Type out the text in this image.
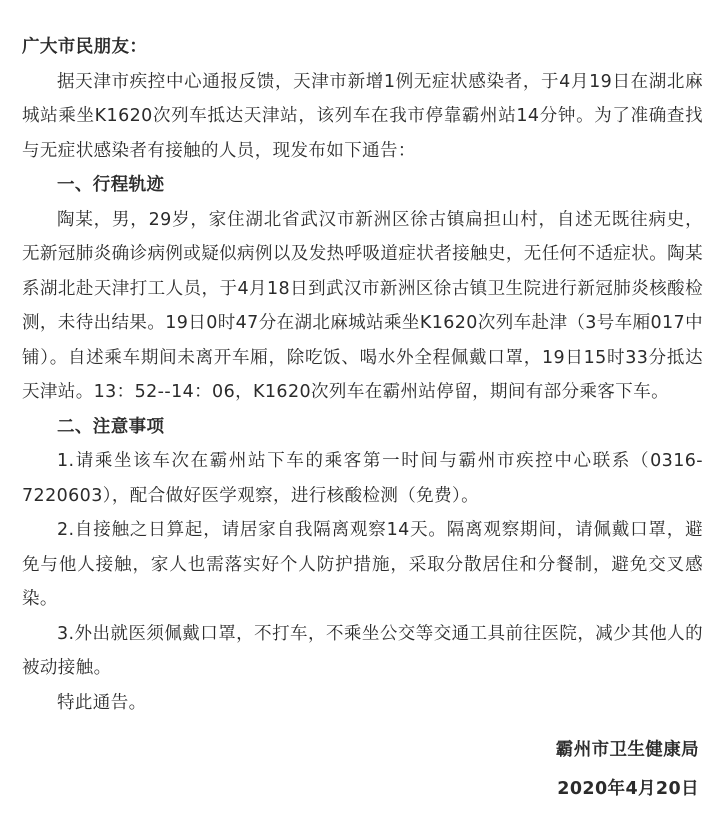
广大市民朋友：

据天津市疾控中心通报反馈，天津市新增1例无症状感染者，于4月19日在湖北麻城站乘坐K1620次列车抵达天津站，该列车在我市停靠霸州站14分钟。为了准确查找与无症状感染者有接触的人员，现发布如下通告：

一、行程轨迹

陶某，男，29岁，家住湖北省武汉市新洲区徐古镇扁担山村，自述无既往病史，无新冠肺炎确诊病例或疑似病例以及发热呼吸道症状者接触史，无任何不适症状。陶某系湖北赴天津打工人员，于4月18日到武汉市新洲区徐古镇卫生院进行新冠肺炎核酸检测，未待出结果。19日0时47分在湖北麻城站乘坐K1620次列车赴津（3号车厢017中铺）。自述乘车期间未离开车厢，除吃饭、喝水外全程佩戴口罩，19日15时33分抵达天津站。13：52--14：06，K1620次列车在霸州站停留，期间有部分乘客下车。

二、注意事项

1.请乘坐该车次在霸州站下车的乘客第一时间与霸州市疾控中心联系（0316-7220603），配合做好医学观察，进行核酸检测（免费）。

2.自接触之日算起，请居家自我隔离观察14天。隔离观察期间，请佩戴口罩，避免与他人接触，家人也需落实好个人防护措施，采取分散居住和分餐制，避免交叉感染。

3.外出就医须佩戴口罩，不打车，不乘坐公交等交通工具前往医院，减少其他人的被动接触。

特此通告。

霸州市卫生健康局

2020年4月20日
